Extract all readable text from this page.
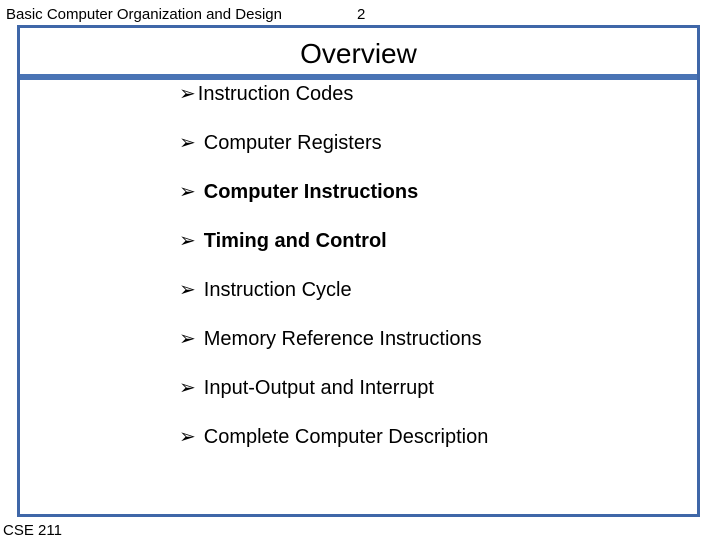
Basic Computer Organization and Design	2
Overview
➢ Instruction Codes
➢ Computer Registers
➢ Computer Instructions
➢ Timing and Control
➢ Instruction Cycle
➢ Memory Reference Instructions
➢ Input-Output and Interrupt
➢ Complete Computer Description
CSE 211
